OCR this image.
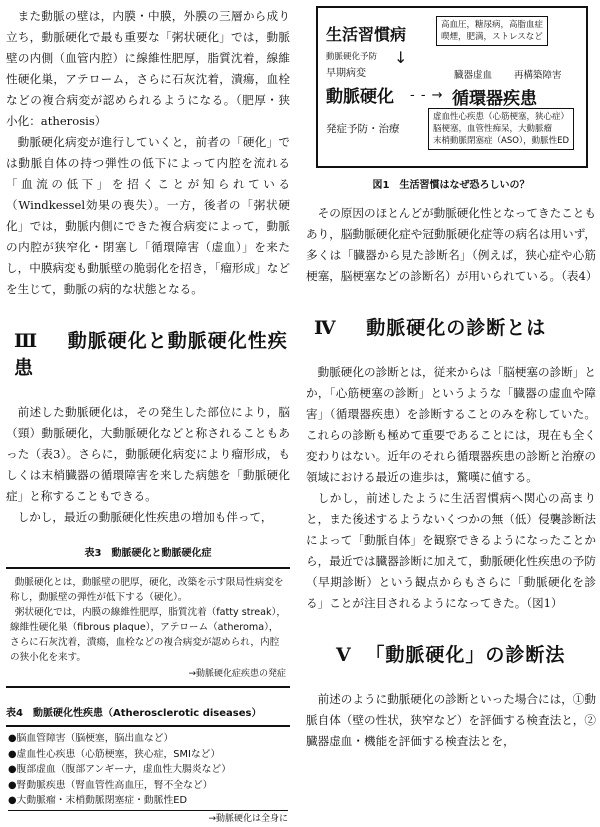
また動脈の壁は，内膜・中膜，外膜の三層から成り立ち，動脈硬化で最も重要な「粥状硬化」では，動脈壁の内側（血管内腔）に線維性肥厚，脂質沈着，線維性硬化巣，アテローム，さらに石灰沈着，潰瘍，血栓などの複合病変が認められるようになる。（肥厚・狭小化：atherosis）

動脈硬化病変が進行していくと，前者の「硬化」では動脈自体の持つ弾性の低下によって内腔を流れる「血流の低下」を招くことが知られている（Windkessel効果の喪失）。一方，後者の「粥状硬化」では，動脈内側にできた複合病変によって，動脈の内腔が狭窄化・閉塞し「循環障害（虚血）」を来たし，中膜病変も動脈壁の脆弱化を招き，「瘤形成」などを生じて，動脈の病的な状態となる。

Ⅲ 動脈硬化と動脈硬化性疾患

前述した動脈硬化は，その発生した部位により，脳（頸）動脈硬化，大動脈硬化などと称されることもあった（表3）。さらに，動脈硬化病変により瘤形成，もしくは末梢臓器の循環障害を来した病態を「動脈硬化症」と称することもできる。

しかし，最近の動脈硬化性疾患の増加も伴って，

表3　動脈硬化と動脈硬化症
動脈硬化とは，動脈壁の肥厚，硬化，改築を示す限局性病変を称し，動脈壁の弾性が低下する（硬化）。
粥状硬化では，内膜の線維性肥厚，脂質沈着（fatty streak），線維性硬化巣（fibrous plaque），アテローム（atheroma），さらに石灰沈着，潰瘍，血栓などの複合病変が認められ，内腔の狭小化を来す。
→動脈硬化症疾患の発症
表4　動脈硬化性疾患（Atherosclerotic diseases）
●脳血管障害（脳梗塞，脳出血など）
●虚血性心疾患（心筋梗塞，狭心症，SMIなど）
●腹部虚血（腹部アンギーナ，虚血性大腸炎など）
●腎動脈疾患（腎血管性高血圧，腎不全など）
●大動脈瘤・末梢動脈閉塞症・動脈性ED
→動脈硬化は全身に
生活習慣病	高血圧，糖尿病，高脂血症
喫煙，肥満，ストレスなど
動脈硬化予防 ↓
早期病変
動脈硬化 - - →
臓器虚血 再構築障害
循環器疾患
発症予防・治療
虚血性心疾患（心筋梗塞，狭心症）
脳梗塞，血管性痴呆，大動脈瘤
末梢動脈閉塞症（ASO），動脈性ED
図1　生活習慣はなぜ恐ろしいの？

その原因のほとんどが動脈硬化性となってきたこともあり，脳動脈硬化症や冠動脈硬化症等の病名は用いず，多くは「臓器から見た診断名」（例えば，狭心症や心筋梗塞，脳梗塞などの診断名）が用いられている。（表4）

Ⅳ 動脈硬化の診断とは

動脈硬化の診断とは，従来からは「脳梗塞の診断」とか，「心筋梗塞の診断」というような「臓器の虚血や障害」（循環器疾患）を診断することのみを称していた。これらの診断も極めて重要であることには，現在も全く変わりはない。近年のそれら循環器疾患の診断と治療の領域における最近の進歩は，驚嘆に値する。

しかし，前述したように生活習慣病へ関心の高まりと，また後述するようないくつかの無（低）侵襲診断法によって「動脈自体」を観察できるようになったことから，最近では臓器診断に加えて，動脈硬化性疾患の予防（早期診断）という観点からもさらに「動脈硬化を診る」ことが注目されるようになってきた。（図1）

Ⅴ 「動脈硬化」の診断法

前述のように動脈硬化の診断といった場合には，①動脈自体（壁の性状，狭窄など）を評価する検査法と，②臓器虚血・機能を評価する検査法とを，
